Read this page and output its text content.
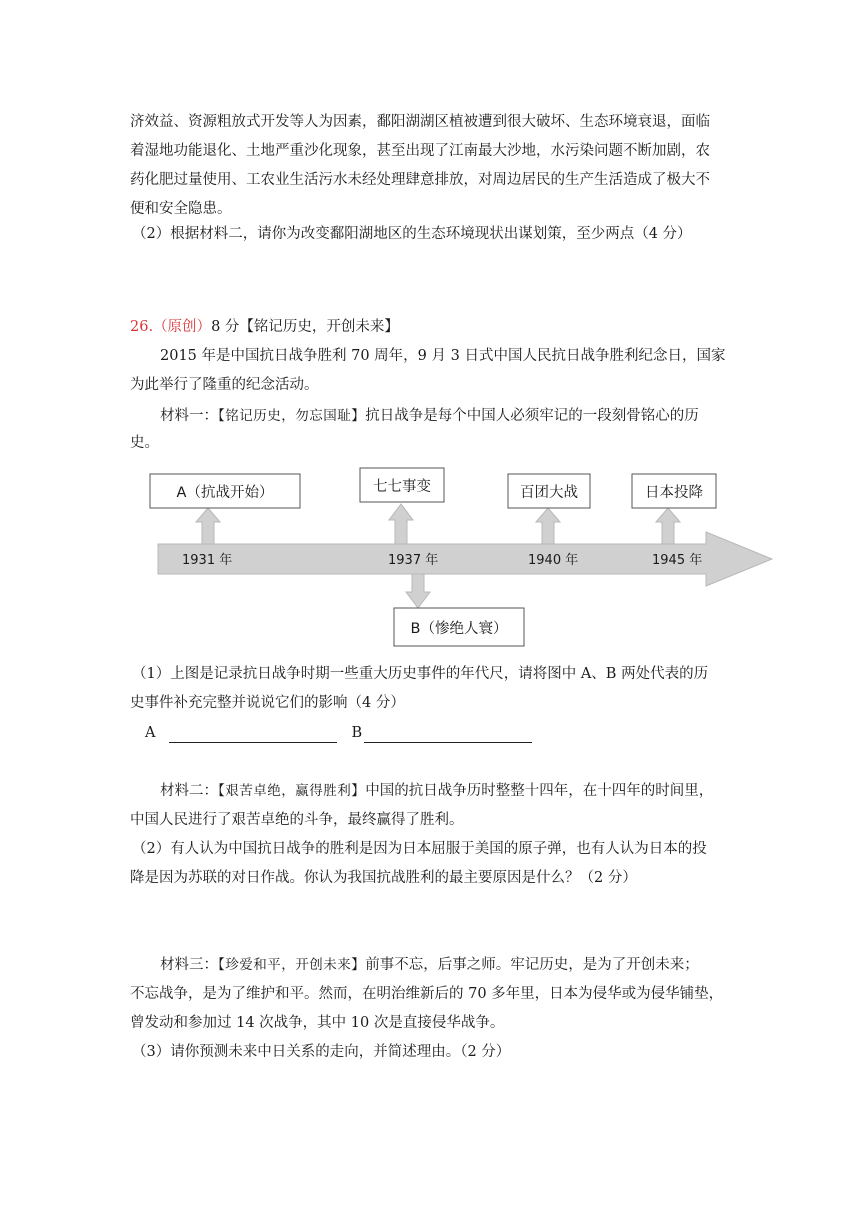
济效益、资源粗放式开发等人为因素，鄱阳湖湖区植被遭到很大破坏、生态环境衰退，面临
着湿地功能退化、土地严重沙化现象，甚至出现了江南最大沙地，水污染问题不断加剧，农
药化肥过量使用、工农业生活污水未经处理肆意排放，对周边居民的生产生活造成了极大不
便和安全隐患。
（2）根据材料二，请你为改变鄱阳湖地区的生态环境现状出谋划策，至少两点（4 分）
26.（原创）8 分【铭记历史，开创未来】
2015 年是中国抗日战争胜利 70 周年，9 月 3 日式中国人民抗日战争胜利纪念日，国家
为此举行了隆重的纪念活动。
材料一：【铭记历史，勿忘国耻】抗日战争是每个中国人必须牢记的一段刻骨铭心的历
史。
A（抗战开始）	七七事变	百团大战	日本投降
B（惨绝人寰）
1931 年	1937 年	1940 年	1945 年
（1）上图是记录抗日战争时期一些重大历史事件的年代尺，请将图中 A、B 两处代表的历
史事件补充完整并说说它们的影响（4 分）
A	B
材料二：【艰苦卓绝，赢得胜利】中国的抗日战争历时整整十四年，在十四年的时间里，
中国人民进行了艰苦卓绝的斗争，最终赢得了胜利。
（2）有人认为中国抗日战争的胜利是因为日本屈服于美国的原子弹，也有人认为日本的投
降是因为苏联的对日作战。你认为我国抗战胜利的最主要原因是什么？（2 分）
材料三：【珍爱和平，开创未来】前事不忘，后事之师。牢记历史，是为了开创未来；
不忘战争，是为了维护和平。然而，在明治维新后的 70 多年里，日本为侵华或为侵华铺垫，
曾发动和参加过 14 次战争，其中 10 次是直接侵华战争。
（3）请你预测未来中日关系的走向，并简述理由。（2 分）
